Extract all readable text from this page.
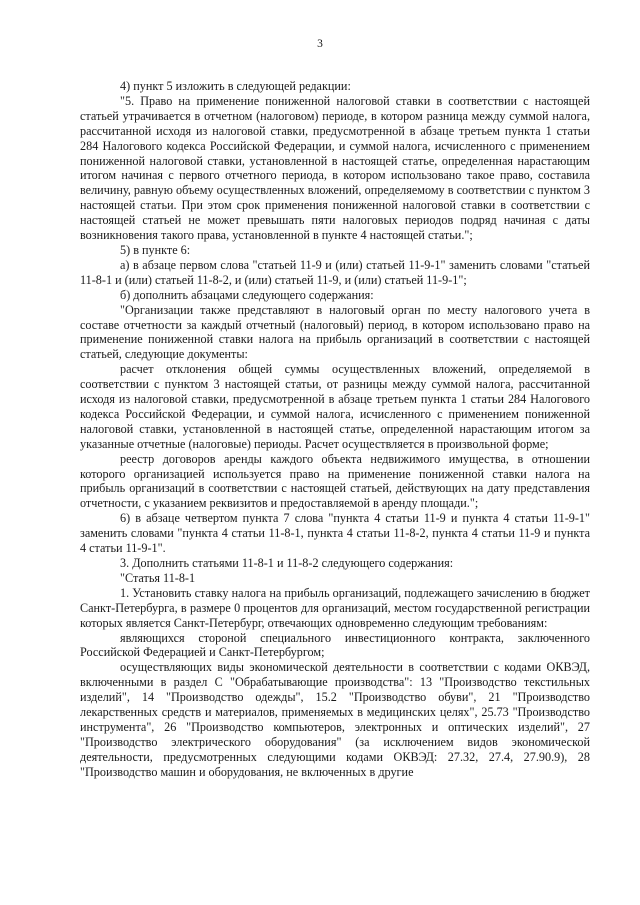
3

4) пункт 5 изложить в следующей редакции:

"5. Право на применение пониженной налоговой ставки в соответствии с настоящей статьей утрачивается в отчетном (налоговом) периоде, в котором разница между суммой налога, рассчитанной исходя из налоговой ставки, предусмотренной в абзаце третьем пункта 1 статьи 284 Налогового кодекса Российской Федерации, и суммой налога, исчисленного с применением пониженной налоговой ставки, установленной в настоящей статье, определенная нарастающим итогом начиная с первого отчетного периода, в котором использовано такое право, составила величину, равную объему осуществленных вложений, определяемому в соответствии с пунктом 3 настоящей статьи. При этом срок применения пониженной налоговой ставки в соответствии с настоящей статьей не может превышать пяти налоговых периодов подряд начиная с даты возникновения такого права, установленной в пункте 4 настоящей статьи.";

5) в пункте 6:

а) в абзаце первом слова "статьей 11-9 и (или) статьей 11-9-1" заменить словами "статьей 11-8-1 и (или) статьей 11-8-2, и (или) статьей 11-9, и (или) статьей 11-9-1";

б) дополнить абзацами следующего содержания:

"Организации также представляют в налоговый орган по месту налогового учета в составе отчетности за каждый отчетный (налоговый) период, в котором использовано право на применение пониженной ставки налога на прибыль организаций в соответствии с настоящей статьей, следующие документы:

расчет отклонения общей суммы осуществленных вложений, определяемой в соответствии с пунктом 3 настоящей статьи, от разницы между суммой налога, рассчитанной исходя из налоговой ставки, предусмотренной в абзаце третьем пункта 1 статьи 284 Налогового кодекса Российской Федерации, и суммой налога, исчисленного с применением пониженной налоговой ставки, установленной в настоящей статье, определенной нарастающим итогом за указанные отчетные (налоговые) периоды. Расчет осуществляется в произвольной форме;

реестр договоров аренды каждого объекта недвижимого имущества, в отношении которого организацией используется право на применение пониженной ставки налога на прибыль организаций в соответствии с настоящей статьей, действующих на дату представления отчетности, с указанием реквизитов и предоставляемой в аренду площади.";

6) в абзаце четвертом пункта 7 слова "пункта 4 статьи 11-9 и пункта 4 статьи 11-9-1" заменить словами "пункта 4 статьи 11-8-1, пункта 4 статьи 11-8-2, пункта 4 статьи 11-9 и пункта 4 статьи 11-9-1".

3. Дополнить статьями 11-8-1 и 11-8-2 следующего содержания:

"Статья 11-8-1

1. Установить ставку налога на прибыль организаций, подлежащего зачислению в бюджет Санкт-Петербурга, в размере 0 процентов для организаций, местом государственной регистрации которых является Санкт-Петербург, отвечающих одновременно следующим требованиям:

являющихся стороной специального инвестиционного контракта, заключенного Российской Федерацией и Санкт-Петербургом;

осуществляющих виды экономической деятельности в соответствии с кодами ОКВЭД, включенными в раздел С "Обрабатывающие производства": 13 "Производство текстильных изделий", 14 "Производство одежды", 15.2 "Производство обуви", 21 "Производство лекарственных средств и материалов, применяемых в медицинских целях", 25.73 "Производство инструмента", 26 "Производство компьютеров, электронных и оптических изделий", 27 "Производство электрического оборудования" (за исключением видов экономической деятельности, предусмотренных следующими кодами ОКВЭД: 27.32, 27.4, 27.90.9), 28 "Производство машин и оборудования, не включенных в другие
